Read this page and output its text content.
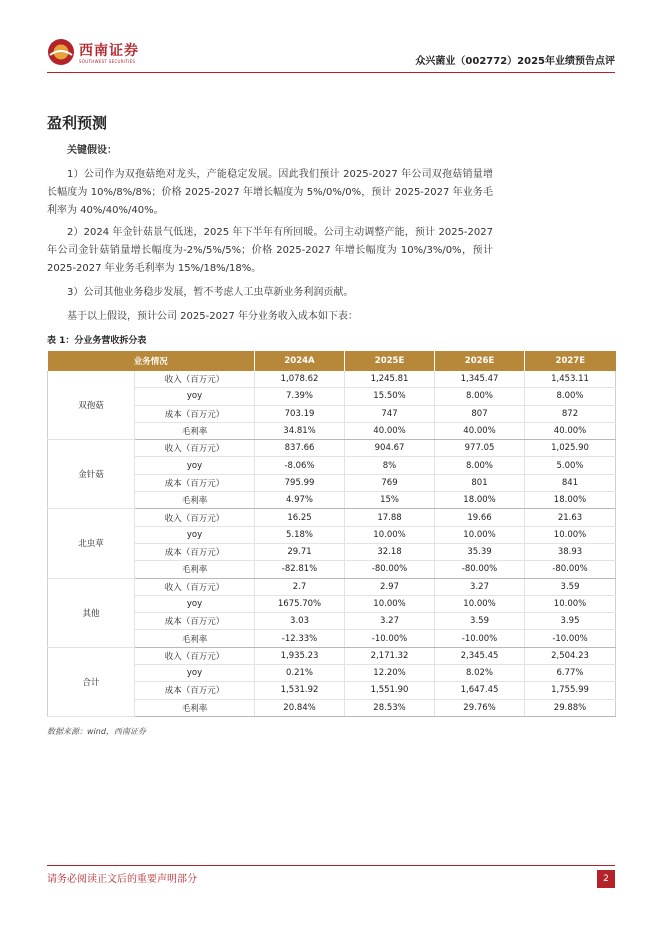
西南证券
SOUTHWEST SECURITIES	众兴菌业（002772）2025年业绩预告点评
盈利预测
关键假设：
1）公司作为双孢菇绝对龙头，产能稳定发展。因此我们预计 2025-2027 年公司双孢菇销量增长幅度为 10%/8%/8%；价格 2025-2027 年增长幅度为 5%/0%/0%，预计 2025-2027 年业务毛利率为 40%/40%/40%。
2）2024 年金针菇景气低迷，2025 年下半年有所回暖。公司主动调整产能，预计 2025-2027 年公司金针菇销量增长幅度为-2%/5%/5%；价格 2025-2027 年增长幅度为 10%/3%/0%，预计 2025-2027 年业务毛利率为 15%/18%/18%。
3）公司其他业务稳步发展，暂不考虑人工虫草新业务利润贡献。
基于以上假设，预计公司 2025-2027 年分业务收入成本如下表：
表 1：分业务营收拆分表
业务情况		2024A	2025E	2026E	2027E
双孢菇	收入（百万元）	1,078.62	1,245.81	1,345.47	1,453.11
	yoy	7.39%	15.50%	8.00%	8.00%
	成本（百万元）	703.19	747	807	872
	毛利率	34.81%	40.00%	40.00%	40.00%
金针菇	收入（百万元）	837.66	904.67	977.05	1,025.90
	yoy	-8.06%	8%	8.00%	5.00%
	成本（百万元）	795.99	769	801	841
	毛利率	4.97%	15%	18.00%	18.00%
北虫草	收入（百万元）	16.25	17.88	19.66	21.63
	yoy	5.18%	10.00%	10.00%	10.00%
	成本（百万元）	29.71	32.18	35.39	38.93
	毛利率	-82.81%	-80.00%	-80.00%	-80.00%
其他	收入（百万元）	2.7	2.97	3.27	3.59
	yoy	1675.70%	10.00%	10.00%	10.00%
	成本（百万元）	3.03	3.27	3.59	3.95
	毛利率	-12.33%	-10.00%	-10.00%	-10.00%
合计	收入（百万元）	1,935.23	2,171.32	2,345.45	2,504.23
	yoy	0.21%	12.20%	8.02%	6.77%
	成本（百万元）	1,531.92	1,551.90	1,647.45	1,755.99
	毛利率	20.84%	28.53%	29.76%	29.88%
数据来源：wind，西南证券
请务必阅读正文后的重要声明部分	2
